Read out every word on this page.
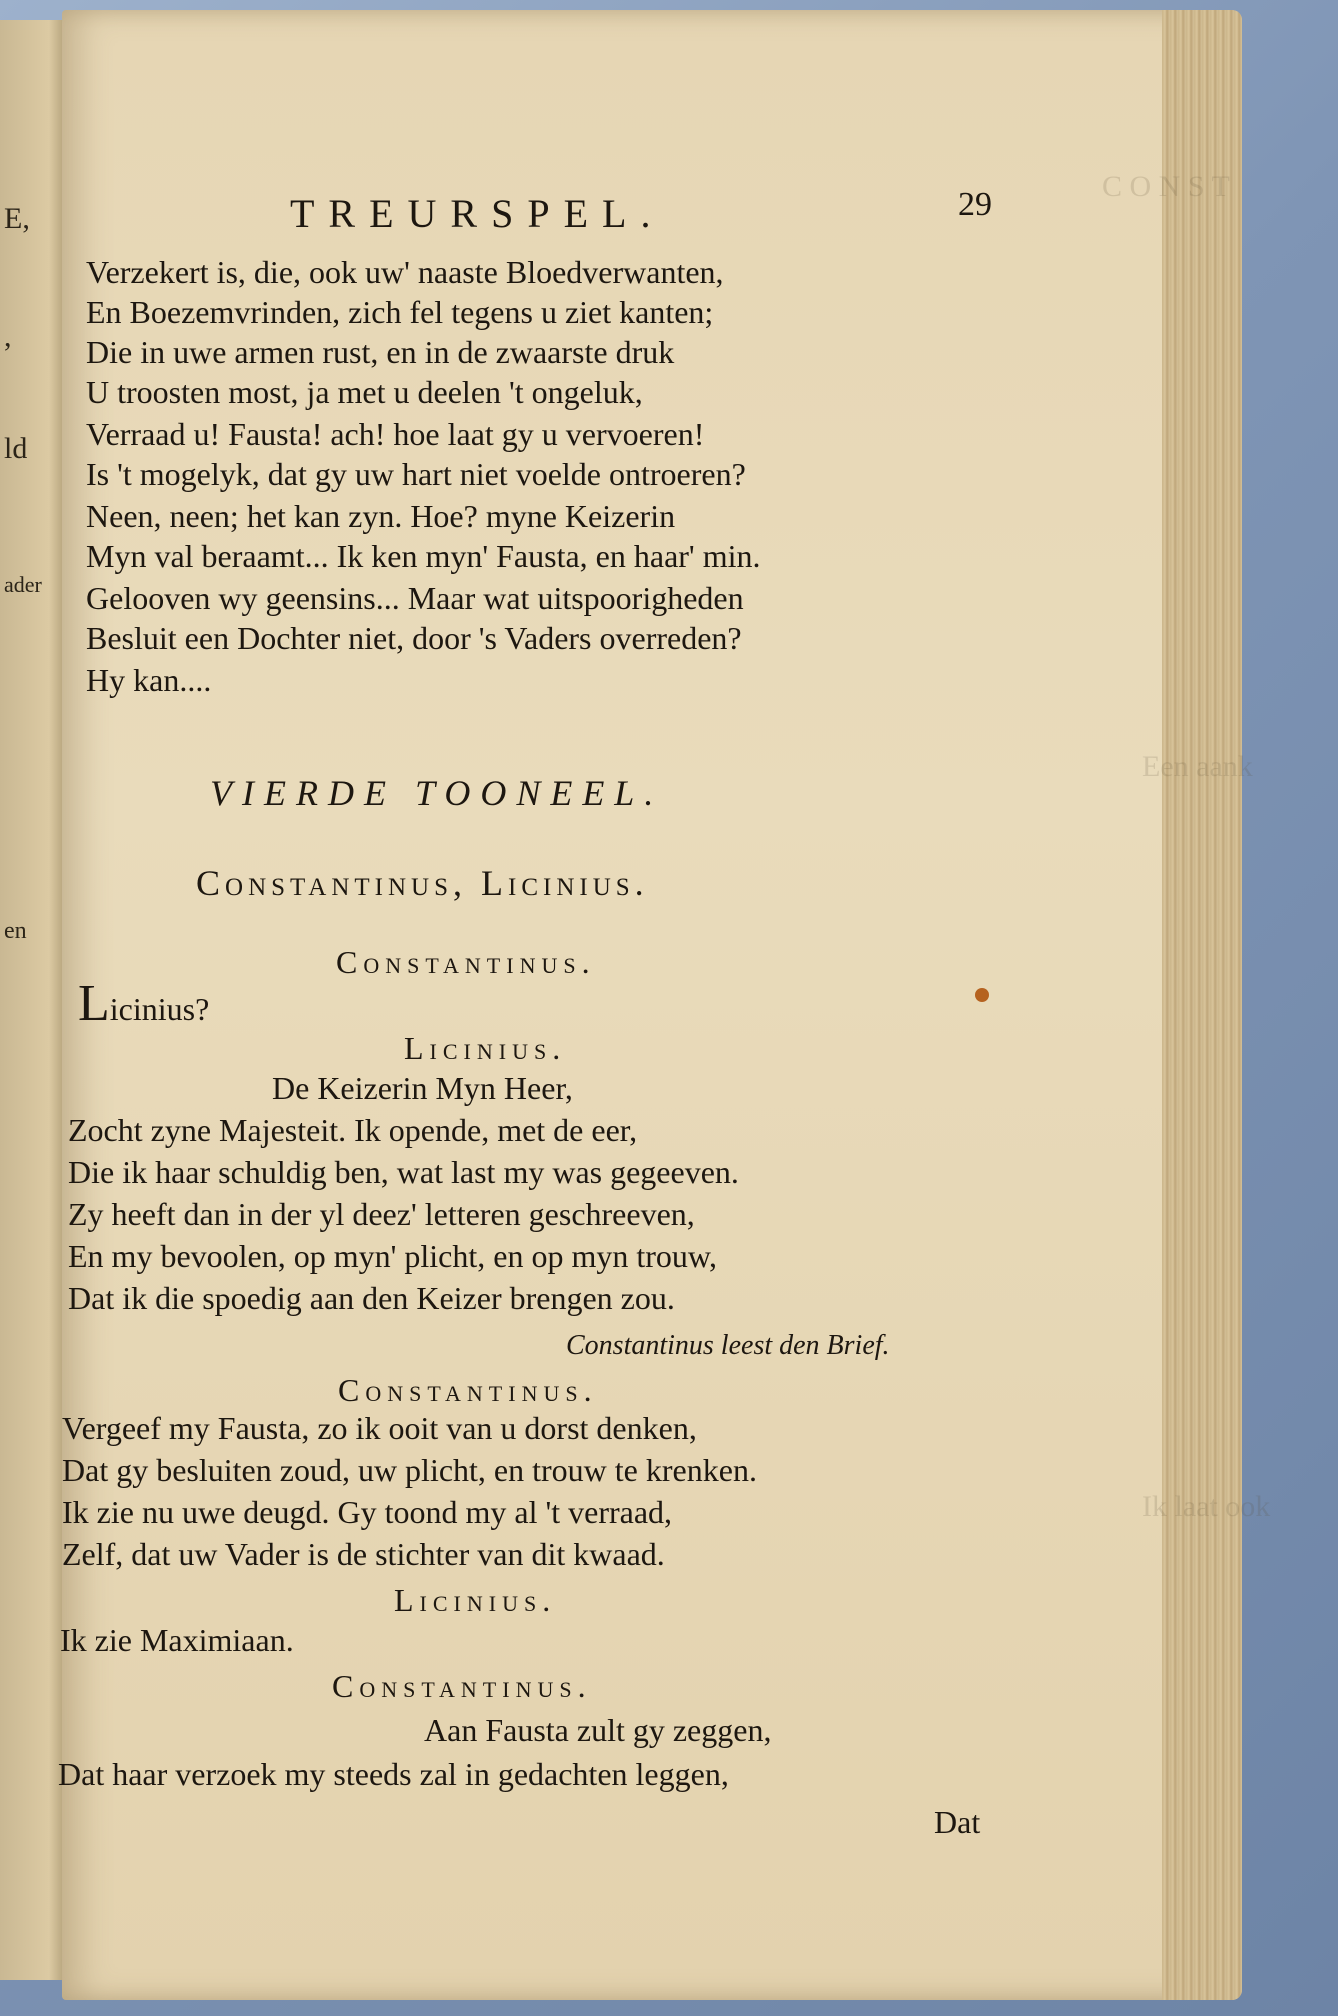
E,
,
ld
ader
en
C O N S T
Een aank
Ik laat ook
TREURSPEL.	29
Verzekert is, die, ook uw' naaste Bloedverwanten,
En Boezemvrinden, zich fel tegens u ziet kanten;
Die in uwe armen rust, en in de zwaarste druk
U troosten most, ja met u deelen 't ongeluk,
Verraad u! Fausta! ach! hoe laat gy u vervoeren!
Is 't mogelyk, dat gy uw hart niet voelde ontroeren?
Neen, neen; het kan zyn. Hoe? myne Keizerin
Myn val beraamt... Ik ken myn' Fausta, en haar' min.
Gelooven wy geensins... Maar wat uitspoorigheden
Besluit een Dochter niet, door 's Vaders overreden?
Hy kan....
VIERDE TOONEEL.
Constantinus, Licinius.
Constantinus.
Licinius?
Licinius.
De Keizerin Myn Heer,
Zocht zyne Majesteit. Ik opende, met de eer,
Die ik haar schuldig ben, wat last my was gegeeven.
Zy heeft dan in der yl deez' letteren geschreeven,
En my bevoolen, op myn' plicht, en op myn trouw,
Dat ik die spoedig aan den Keizer brengen zou.
Constantinus leest den Brief.
Constantinus.
Vergeef my Fausta, zo ik ooit van u dorst denken,
Dat gy besluiten zoud, uw plicht, en trouw te krenken.
Ik zie nu uwe deugd. Gy toond my al 't verraad,
Zelf, dat uw Vader is de stichter van dit kwaad.
Licinius.
Ik zie Maximiaan.
Constantinus.
Aan Fausta zult gy zeggen,
Dat haar verzoek my steeds zal in gedachten leggen,
Dat
